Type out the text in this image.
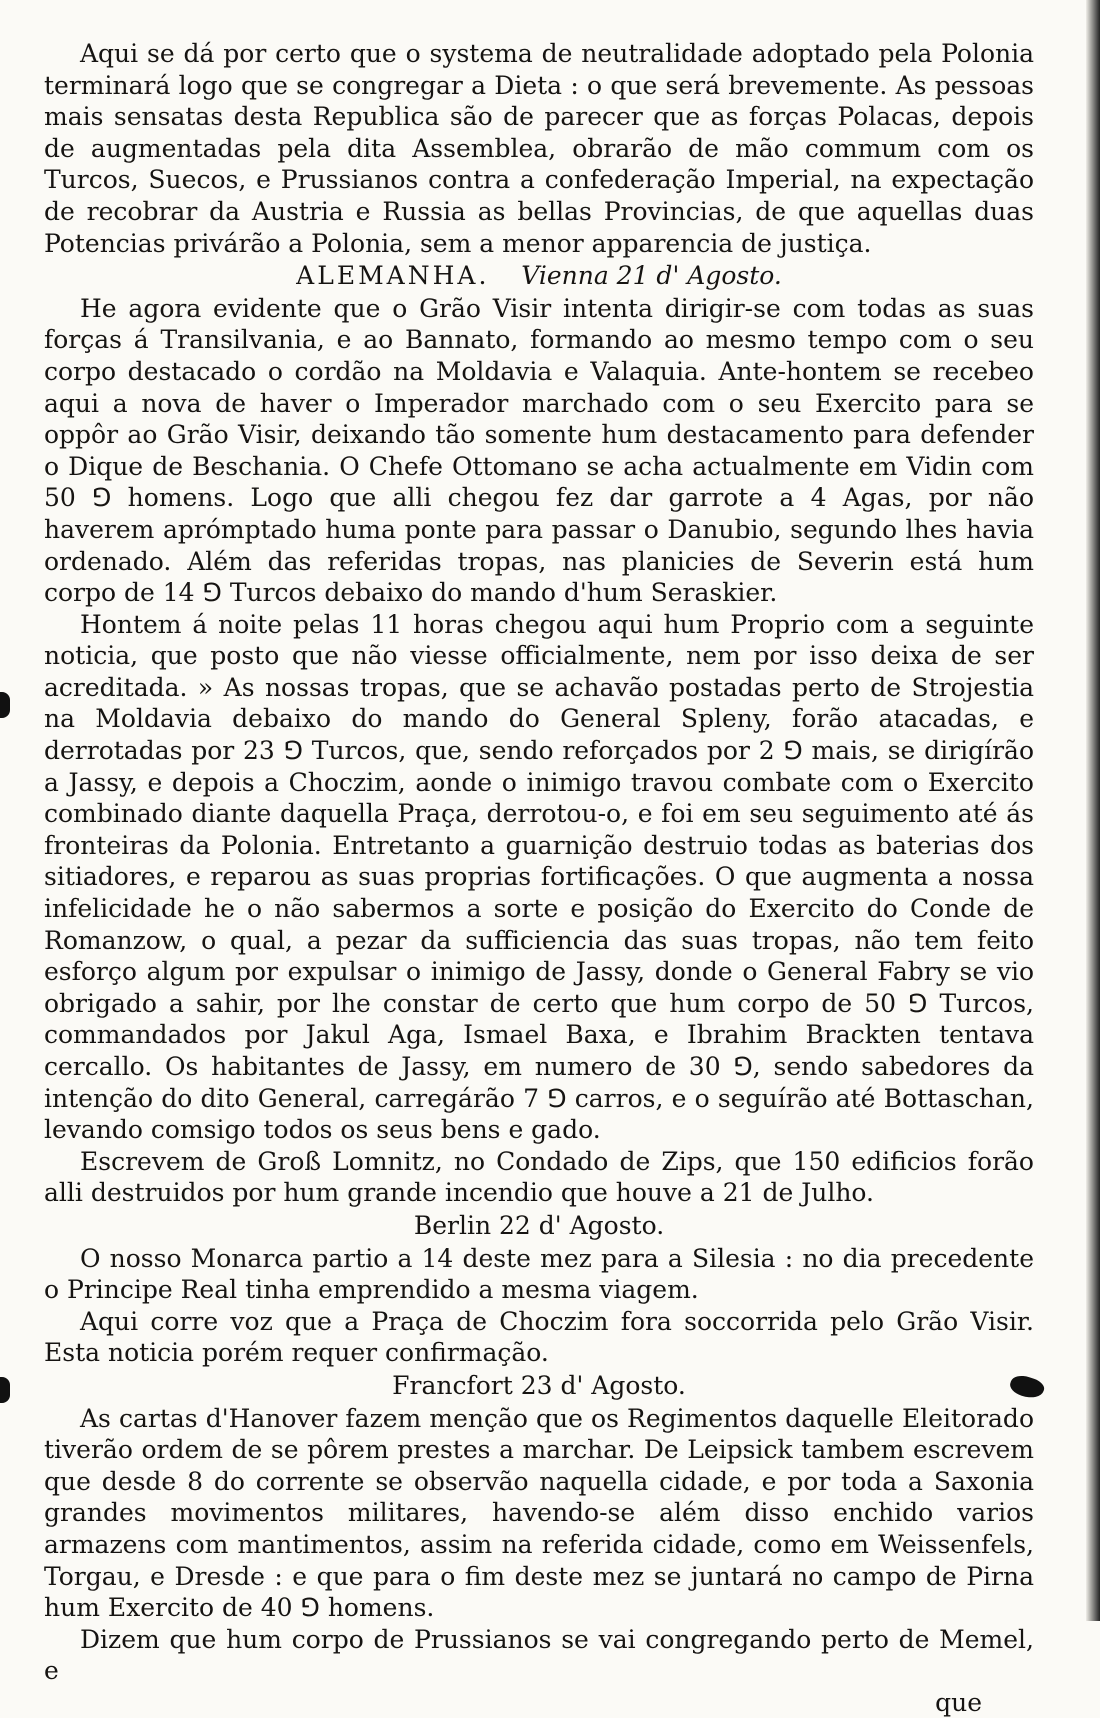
Aqui se dá por certo que o systema de neutralidade adoptado pela Polonia terminará logo que se congregar a Dieta : o que será brevemente. As pessoas mais sensatas desta Republica são de parecer que as forças Polacas, depois de augmentadas pela dita Assemblea, obrarão de mão commum com os Turcos, Suecos, e Prussianos contra a confederação Imperial, na expectação de recobrar da Austria e Russia as bellas Provincias, de que aquellas duas Potencias privárão a Polonia, sem a menor apparencia de justiça.

ALEMANHA. Vienna 21 d' Agosto.

He agora evidente que o Grão Visir intenta dirigir-se com todas as suas forças á Transilvania, e ao Bannato, formando ao mesmo tempo com o seu corpo destacado o cordão na Moldavia e Valaquia. Ante-hontem se recebeo aqui a nova de haver o Imperador marchado com o seu Exercito para se oppôr ao Grão Visir, deixando tão somente hum destacamento para defender o Dique de Beschania. O Chefe Ottomano se acha actualmente em Vidin com 50 ⅁ homens. Logo que alli chegou fez dar garrote a 4 Agas, por não haverem aprómptado huma ponte para passar o Danubio, segundo lhes havia ordenado. Além das referidas tropas, nas planicies de Severin está hum corpo de 14 ⅁ Turcos debaixo do mando d'hum Seraskier.

Hontem á noite pelas 11 horas chegou aqui hum Proprio com a seguinte noticia, que posto que não viesse officialmente, nem por isso deixa de ser acreditada. » As nossas tropas, que se achavão postadas perto de Strojestia na Moldavia debaixo do mando do General Spleny, forão atacadas, e derrotadas por 23 ⅁ Turcos, que, sendo reforçados por 2 ⅁ mais, se dirigírão a Jassy, e depois a Choczim, aonde o inimigo travou combate com o Exercito combinado diante daquella Praça, derrotou-o, e foi em seu seguimento até ás fronteiras da Polonia. Entretanto a guarnição destruio todas as baterias dos sitiadores, e reparou as suas proprias fortificações. O que augmenta a nossa infelicidade he o não sabermos a sorte e posição do Exercito do Conde de Romanzow, o qual, a pezar da sufficiencia das suas tropas, não tem feito esforço algum por expulsar o inimigo de Jassy, donde o General Fabry se vio obrigado a sahir, por lhe constar de certo que hum corpo de 50 ⅁ Turcos, commandados por Jakul Aga, Ismael Baxa, e Ibrahim Brackten tentava cercallo. Os habitantes de Jassy, em numero de 30 ⅁, sendo sabedores da intenção do dito General, carregárão 7 ⅁ carros, e o seguírão até Bottaschan, levando comsigo todos os seus bens e gado.

Escrevem de Groß Lomnitz, no Condado de Zips, que 150 edificios forão alli destruidos por hum grande incendio que houve a 21 de Julho.

Berlin 22 d' Agosto.

O nosso Monarca partio a 14 deste mez para a Silesia : no dia precedente o Principe Real tinha emprendido a mesma viagem.

Aqui corre voz que a Praça de Choczim fora soccorrida pelo Grão Visir. Esta noticia porém requer confirmação.

Francfort 23 d' Agosto.

As cartas d'Hanover fazem menção que os Regimentos daquelle Eleitorado tiverão ordem de se pôrem prestes a marchar. De Leipsick tambem escrevem que desde 8 do corrente se observão naquella cidade, e por toda a Saxonia grandes movimentos militares, havendo-se além disso enchido varios armazens com mantimentos, assim na referida cidade, como em Weissenfels, Torgau, e Dresde : e que para o fim deste mez se juntará no campo de Pirna hum Exercito de 40 ⅁ homens.

Dizem que hum corpo de Prussianos se vai congregando perto de Memel, e

que
